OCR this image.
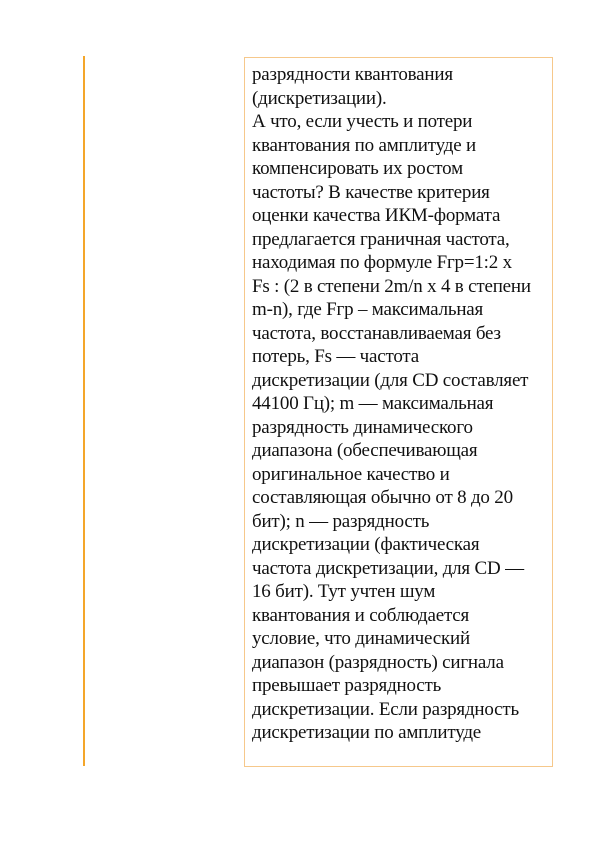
разрядности квантования
(дискретизации).
А что, если учесть и потери
квантования по амплитуде и
компенсировать их ростом
частоты? В качестве критерия
оценки качества ИКМ-формата
предлагается граничная частота,
находимая по формуле Fгр=1:2 x
Fs : (2 в степени 2m/n х 4 в степени
m-n), где Fгр – максимальная
частота, восстанавливаемая без
потерь, Fs — частота
дискретизации (для CD составляет
44100 Гц); m — максимальная
разрядность динамического
диапазона (обеспечивающая
оригинальное качество и
составляющая обычно от 8 до 20
бит); n — разрядность
дискретизации (фактическая
частота дискретизации, для CD —
16 бит). Тут учтен шум
квантования и соблюдается
условие, что динамический
диапазон (разрядность) сигнала
превышает разрядность
дискретизации. Если разрядность
дискретизации по амплитуде
